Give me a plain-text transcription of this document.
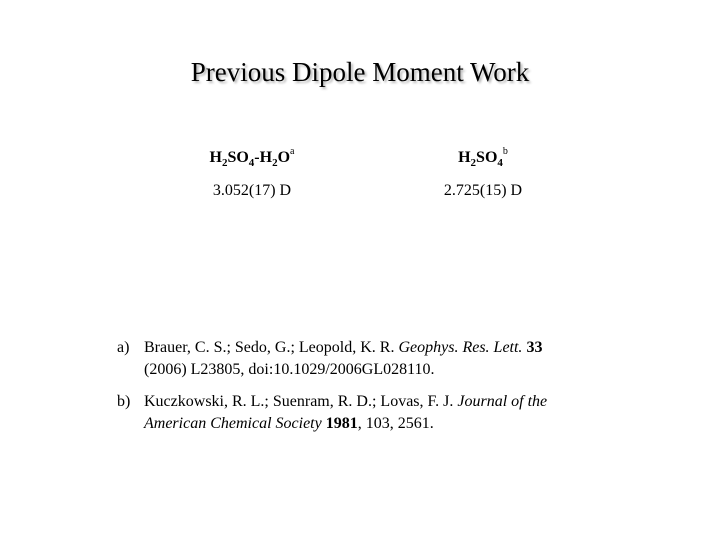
Previous Dipole Moment Work
$H_2SO_4-H_2O^a$	$H_2SO_4^b$
3.052(17) D	2.725(15) D
a) Brauer, C. S.; Sedo, G.; Leopold, K. R. Geophys. Res. Lett. 33
(2006) L23805, doi:10.1029/2006GL028110.
b) Kuczkowski, R. L.; Suenram, R. D.; Lovas, F. J. Journal of the
American Chemical Society 1981, 103, 2561.
